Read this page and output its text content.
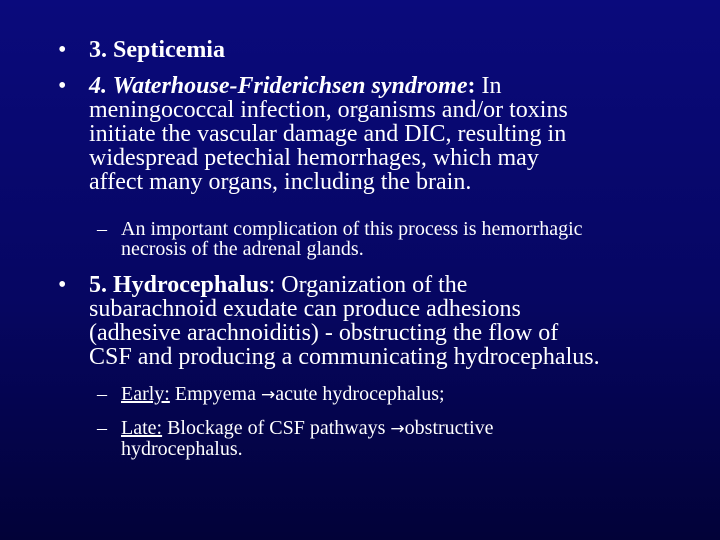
• 3. Septicemia
• 4. Waterhouse-Friderichsen syndrome: In
meningococcal infection, organisms and/or toxins
initiate the vascular damage and DIC, resulting in
widespread petechial hemorrhages, which may
affect many organs, including the brain.
– An important complication of this process is hemorrhagic
necrosis of the adrenal glands.
• 5. Hydrocephalus: Organization of the
subarachnoid exudate can produce adhesions
(adhesive arachnoiditis) - obstructing the flow of
CSF and producing a communicating hydrocephalus.
– Early: Empyema →acute hydrocephalus;
– Late: Blockage of CSF pathways →obstructive
hydrocephalus.
